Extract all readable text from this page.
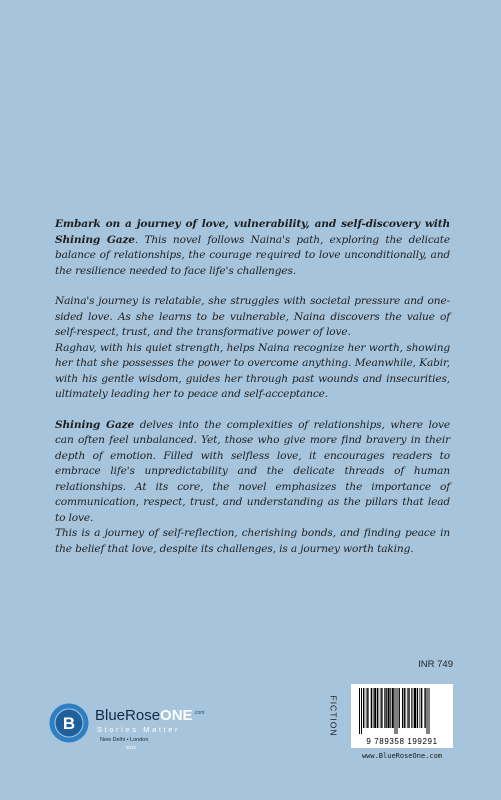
Embark on a journey of love, vulnerability, and self-discovery with Shining Gaze. This novel follows Naina's path, exploring the delicate balance of relationships, the courage required to love unconditionally, and the resilience needed to face life's challenges.

Naina's journey is relatable, she struggles with societal pressure and one-sided love. As she learns to be vulnerable, Naina discovers the value of self-respect, trust, and the transformative power of love.

Raghav, with his quiet strength, helps Naina recognize her worth, showing her that she possesses the power to overcome anything. Meanwhile, Kabir, with his gentle wisdom, guides her through past wounds and insecurities, ultimately leading her to peace and self-acceptance.

Shining Gaze delves into the complexities of relationships, where love can often feel unbalanced. Yet, those who give more find bravery in their depth of emotion. Filled with selfless love, it encourages readers to embrace life's unpredictability and the delicate threads of human relationships. At its core, the novel emphasizes the importance of communication, respect, trust, and understanding as the pillars that lead to love.

This is a journey of self-reflection, cherishing bonds, and finding peace in the belief that love, despite its challenges, is a journey worth taking.

B BlueRoseONE$^{.com}$
Stories Matter
New Delhi • London
2012
INR 749
FICTION
9 789358 199291
www.BlueRoseOne.com
